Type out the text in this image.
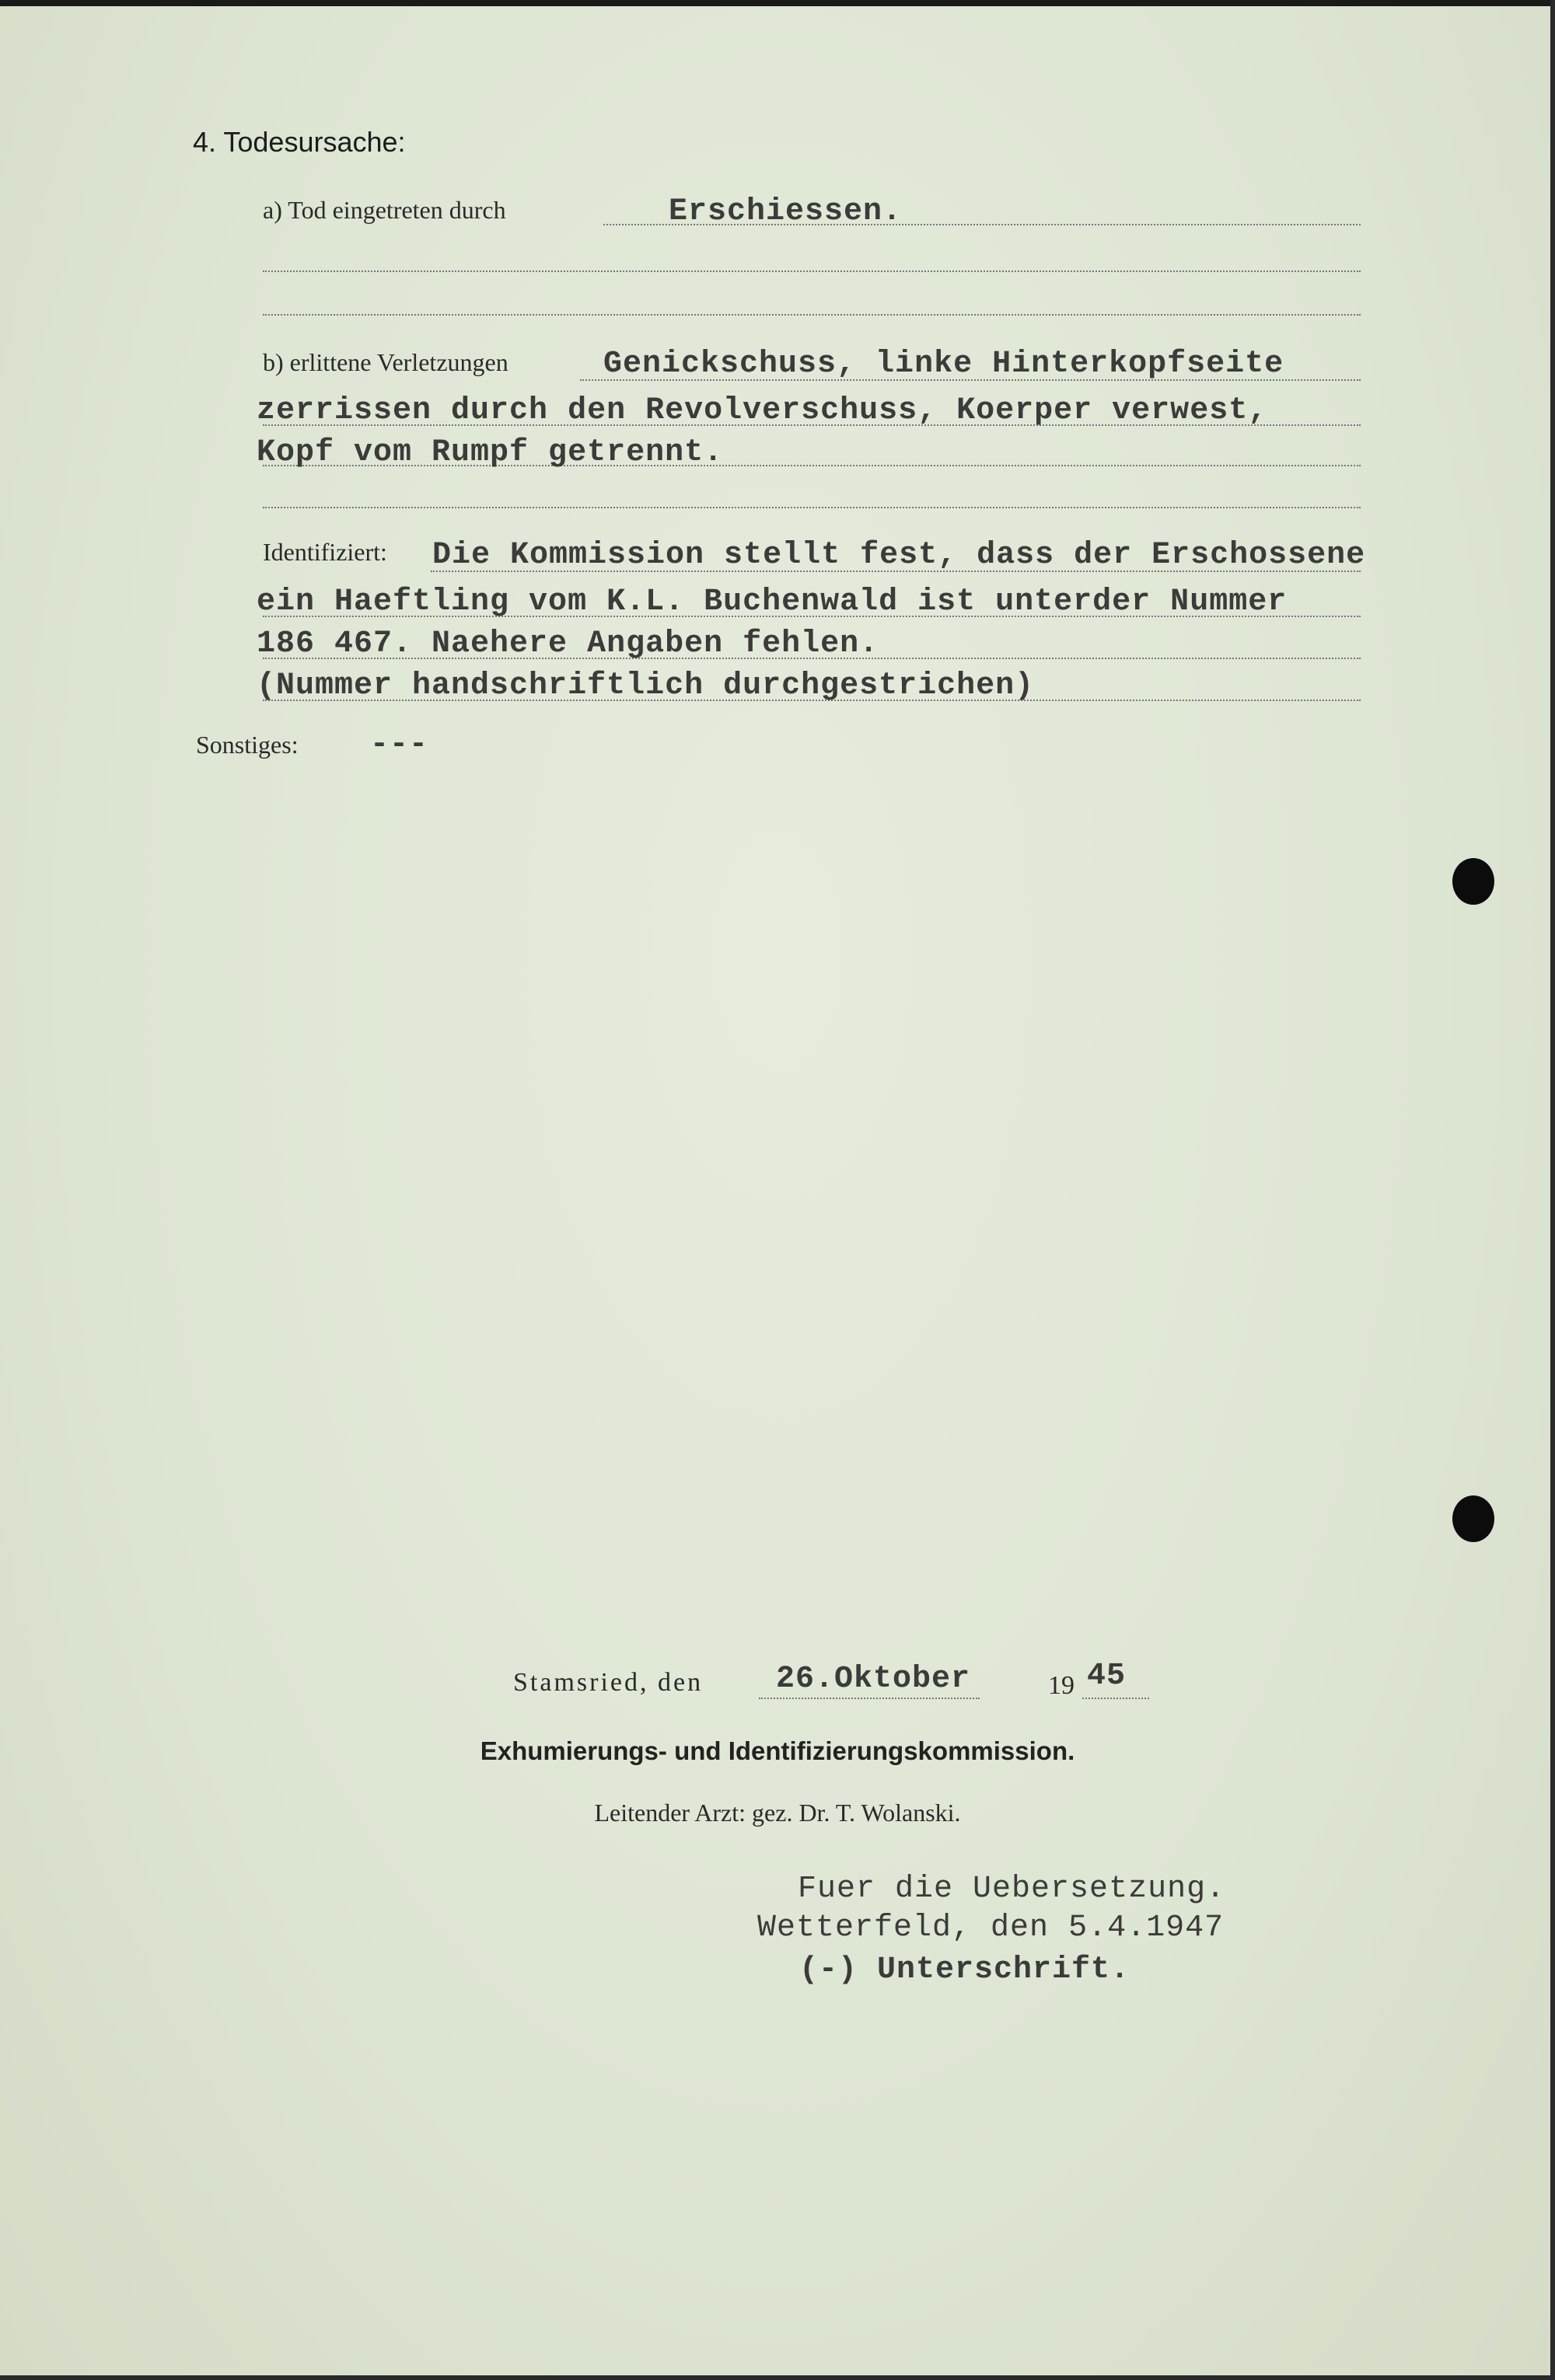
4. Todesursache:
a) Tod eingetreten durch	Erschiessen.
b) erlittene Verletzungen	Genickschuss, linke Hinterkopfseite
zerrissen durch den Revolverschuss, Koerper verwest,
Kopf vom Rumpf getrennt.
Identifiziert: Die Kommission stellt fest, dass der Erschossene
ein Haeftling vom K.L. Buchenwald ist unterder Nummer
186 467. Naehere Angaben fehlen.
(Nummer handschriftlich durchgestrichen)
Sonstiges: ---
Stamsried, den 26.Oktober	19 45
Exhumierungs- und Identifizierungskommission.
Leitender Arzt: gez. Dr. T. Wolanski.
Fuer die Uebersetzung.
Wetterfeld, den 5.4.1947
(-) Unterschrift.
